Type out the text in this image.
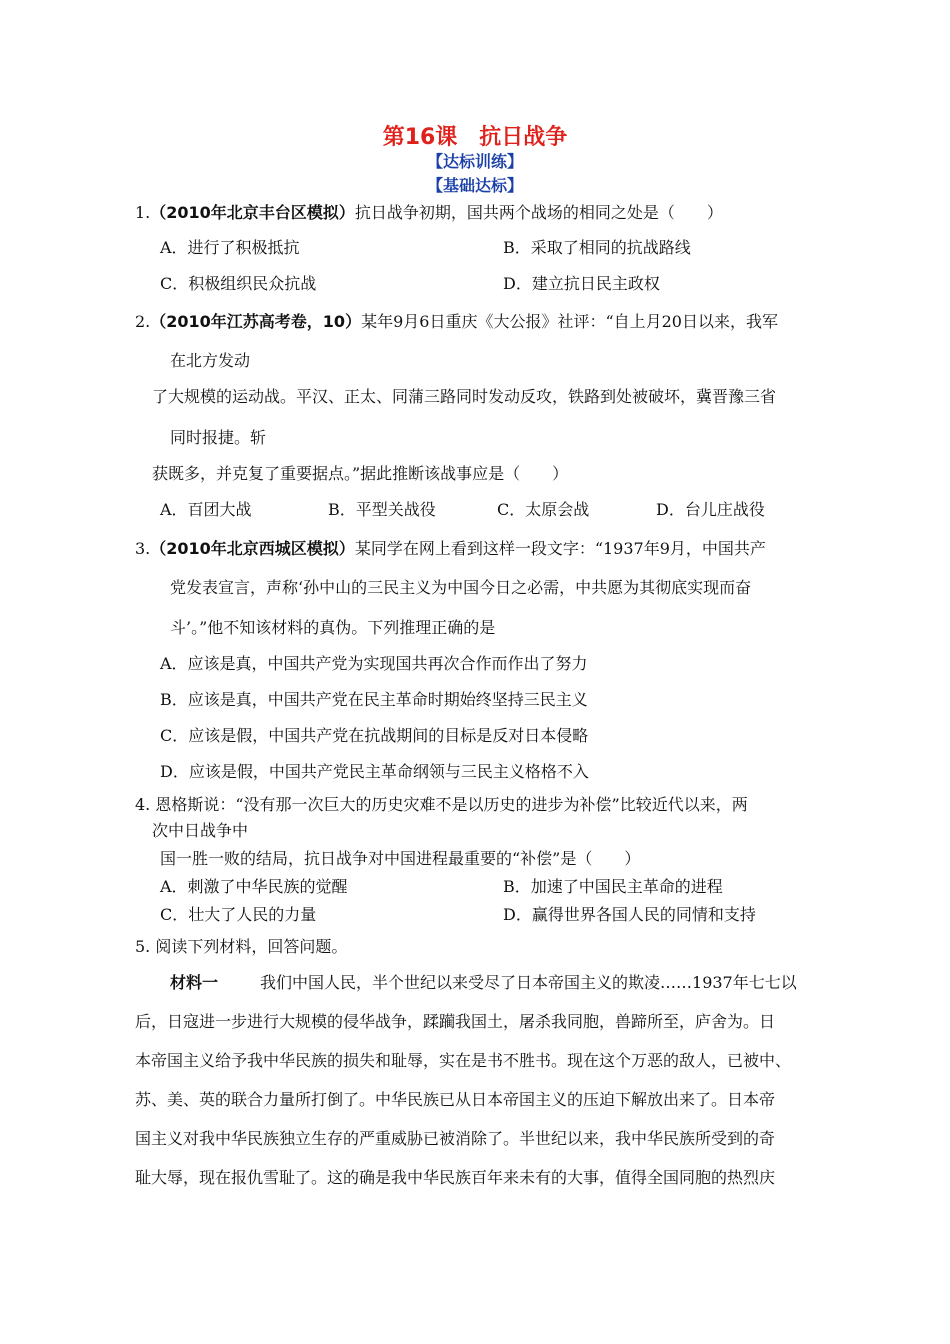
第16课　抗日战争
【达标训练】
【基础达标】
1.（2010年北京丰台区模拟）抗日战争初期，国共两个战场的相同之处是（　　）
A．进行了积极抵抗	B．采取了相同的抗战路线
C．积极组织民众抗战	D．建立抗日民主政权
2.（2010年江苏高考卷，10）某年9月6日重庆《大公报》社评：“自上月20日以来，我军
在北方发动
了大规模的运动战。平汉、正太、同蒲三路同时发动反攻，铁路到处被破坏，冀晋豫三省
同时报捷。斩
获既多，并克复了重要据点。”据此推断该战事应是（　　）
A．百团大战	B．平型关战役	C．太原会战	D．台儿庄战役
3.（2010年北京西城区模拟）某同学在网上看到这样一段文字：“1937年9月，中国共产
党发表宣言，声称‘孙中山的三民主义为中国今日之必需，中共愿为其彻底实现而奋
斗’。”他不知该材料的真伪。下列推理正确的是
A．应该是真，中国共产党为实现国共再次合作而作出了努力
B．应该是真，中国共产党在民主革命时期始终坚持三民主义
C．应该是假，中国共产党在抗战期间的目标是反对日本侵略
D．应该是假，中国共产党民主革命纲领与三民主义格格不入
4. 恩格斯说：“没有那一次巨大的历史灾难不是以历史的进步为补偿”比较近代以来，两
次中日战争中
国一胜一败的结局，抗日战争对中国进程最重要的“补偿”是（　　）
A．刺激了中华民族的觉醒	B．加速了中国民主革命的进程
C．壮大了人民的力量	D．赢得世界各国人民的同情和支持
5. 阅读下列材料，回答问题。
材料一	我们中国人民，半个世纪以来受尽了日本帝国主义的欺凌……1937年七七以
后，日寇进一步进行大规模的侵华战争，蹂躏我国土，屠杀我同胞，兽蹄所至，庐舍为。日
本帝国主义给予我中华民族的损失和耻辱，实在是书不胜书。现在这个万恶的敌人，已被中、
苏、美、英的联合力量所打倒了。中华民族已从日本帝国主义的压迫下解放出来了。日本帝
国主义对我中华民族独立生存的严重威胁已被消除了。半世纪以来，我中华民族所受到的奇
耻大辱，现在报仇雪耻了。这的确是我中华民族百年来未有的大事，值得全国同胞的热烈庆
